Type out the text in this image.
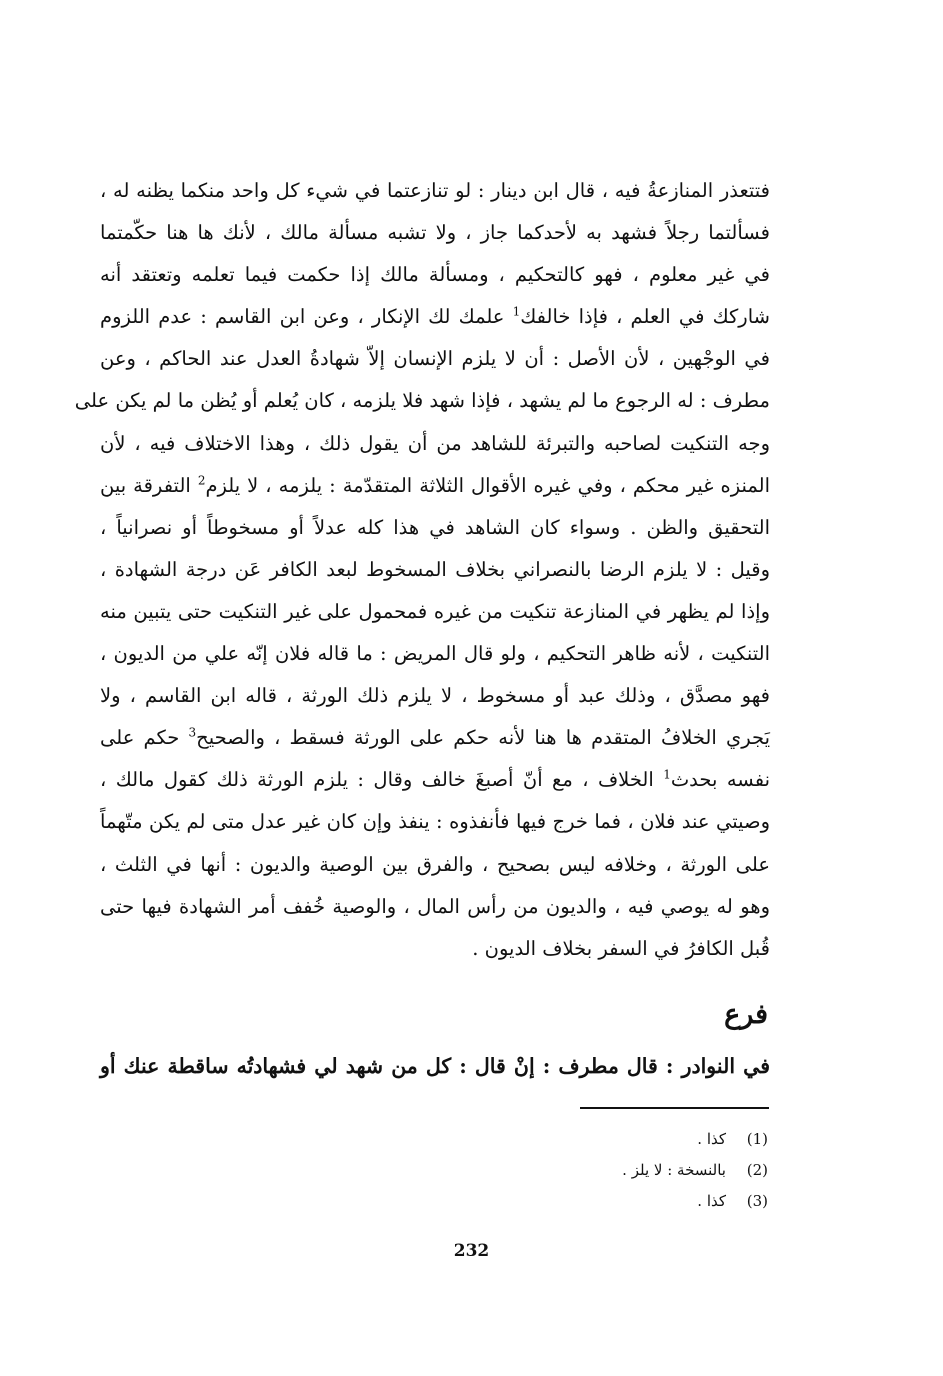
فتتعذر المنازعةُ فيه ، قال ابن دينار : لو تنازعتما في شيء كل واحد منكما يظنه له ،
فسألتما رجلاً فشهد به لأحدكما جاز ، ولا تشبه مسألة مالك ، لأنك ها هنا حكّمتما
في غير معلوم ، فهو كالتحكيم ، ومسألة مالك إذا حكمت فيما تعلمه وتعتقد أنه
شاركك في العلم ، فإذا خالفك$^1$ علمك لك الإنكار ، وعن ابن القاسم : عدم اللزوم
في الوجْهين ، لأن الأصل : أن لا يلزم الإنسان إلاّ شهادةُ العدل عند الحاكم ، وعن
مطرف : له الرجوع ما لم يشهد ، فإذا شهد فلا يلزمه ، كان يُعلم أو يُظن ما لم يكن على
وجه التنكيت لصاحبه والتبرئة للشاهد من أن يقول ذلك ، وهذا الاختلاف فيه ، لأن
المنزه غير محكم ، وفي غيره الأقوال الثلاثة المتقدّمة : يلزمه ، لا يلزم$^2$ التفرقة بين
التحقيق والظن . وسواء كان الشاهد في هذا كله عدلاً أو مسخوطاً أو نصرانياً ،
وقيل : لا يلزم الرضا بالنصراني بخلاف المسخوط لبعد الكافر عَن درجة الشهادة ،
وإذا لم يظهر في المنازعة تنكيت من غيره فمحمول على غير التنكيت حتى يتبين منه
التنكيت ، لأنه ظاهر التحكيم ، ولو قال المريض : ما قاله فلان إنّه علي من الديون ،
فهو مصدَّق ، وذلك عبد أو مسخوط ، لا يلزم ذلك الورثة ، قاله ابن القاسم ، ولا
يَجري الخلافُ المتقدم ها هنا لأنه حكم على الورثة فسقط ، والصحيح$^3$ حكم على
نفسه بحدث$^1$ الخلاف ، مع أنّ أصبغَ خالف وقال : يلزم الورثة ذلك كقول مالك ،
وصيتي عند فلان ، فما خرج فيها فأنفذوه : ينفذ وإن كان غير عدل متى لم يكن متّهماً
على الورثة ، وخلافه ليس بصحيح ، والفرق بين الوصية والديون : أنها في الثلث ،
وهو له يوصي فيه ، والديون من رأس المال ، والوصية خُفف أمر الشهادة فيها حتى
قُبل الكافرُ في السفر بخلاف الديون .
فرع
في النوادر : قال مطرف : إنْ قال : كل من شهد لي فشهادتُه ساقطة عنك أو
(1)كذا .
(2)بالنسخة : لا يلز .
(3)كذا .
232
